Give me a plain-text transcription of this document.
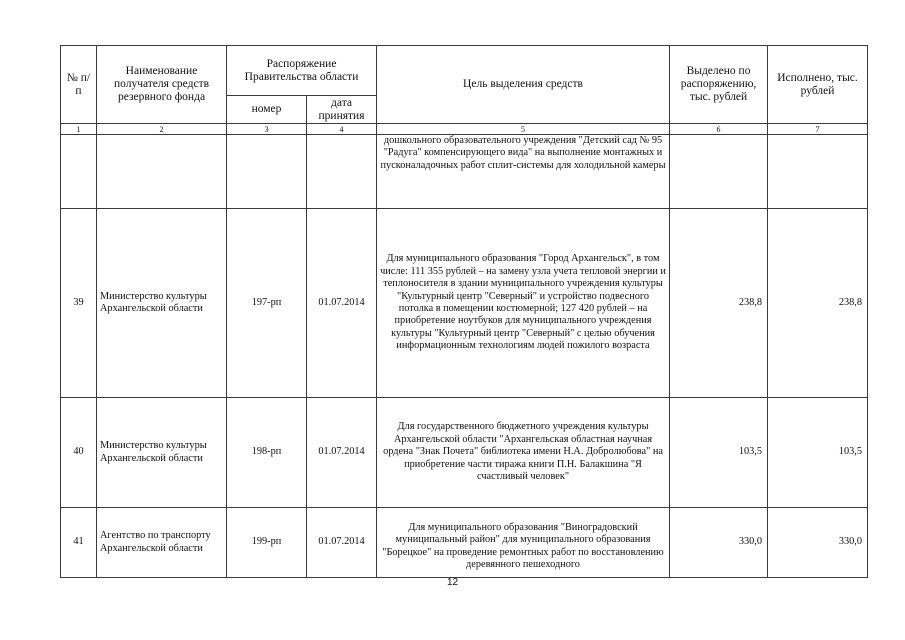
№ п/п	Наименование получателя средств резервного фонда	Распоряжение Правительства области		Цель выделения средств	Выделено по распоряжению, тыс. рублей	Исполнено, тыс. рублей
		номер	дата принятия			
1	2	3	4	5	6	7
				дошкольного образовательного учреждения "Детский сад № 95 "Радуга" компенсирующего вида" на выполнение монтажных и пусконаладочных работ сплит-системы для холодильной камеры		
39	Министерство культуры Архангельской области	197-рп	01.07.2014	Для муниципального образования "Город Архангельск", в том числе: 111 355 рублей – на замену узла учета тепловой энергии и теплоносителя в здании муниципального учреждения культуры "Культурный центр "Северный" и устройство подвесного потолка в помещении костюмерной; 127 420 рублей – на приобретение ноутбуков для муниципального учреждения культуры "Культурный центр "Северный" с целью обучения информационным технологиям людей пожилого возраста	238,8	238,8
40	Министерство культуры Архангельской области	198-рп	01.07.2014	Для государственного бюджетного учреждения культуры Архангельской области "Архангельская областная научная ордена "Знак Почета" библиотека имени Н.А. Добролюбова" на приобретение части тиража книги П.Н. Балакшина "Я счастливый человек"	103,5	103,5
41	Агентство по транспорту Архангельской области	199-рп	01.07.2014	Для муниципального образования "Виноградовский муниципальный район" для муниципального образования "Борецкое" на проведение ремонтных работ по восстановлению деревянного пешеходного	330,0	330,0
12
